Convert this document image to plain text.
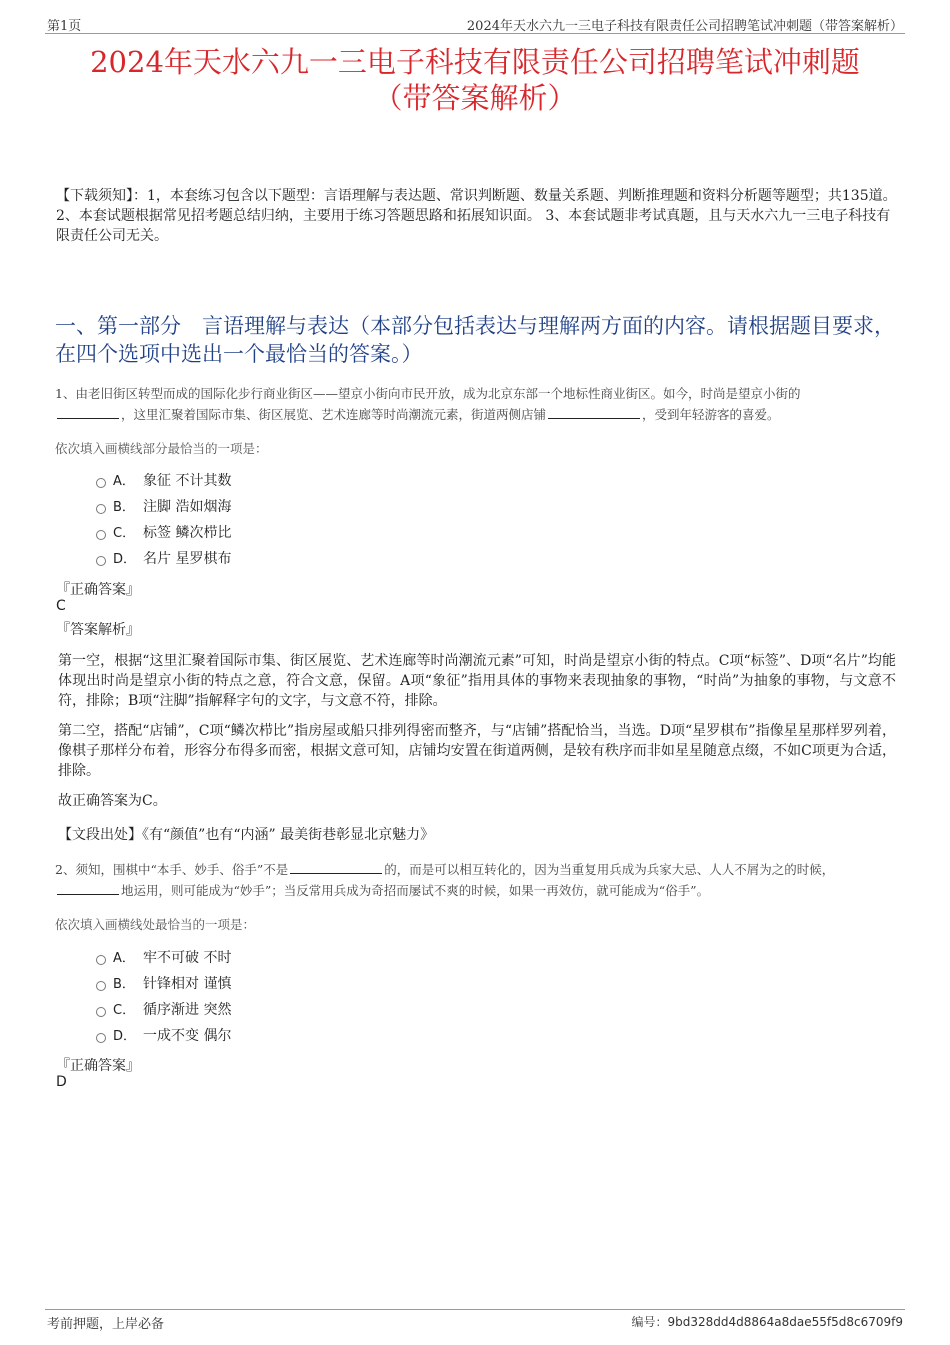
第1页	2024年天水六九一三电子科技有限责任公司招聘笔试冲刺题（带答案解析）
2024年天水六九一三电子科技有限责任公司招聘笔试冲刺题
（带答案解析）
【下载须知】：1，本套练习包含以下题型：言语理解与表达题、常识判断题、数量关系题、判断推理题和资料分析题等题型；共135道。 2、本套试题根据常见招考题总结归纳，主要用于练习答题思路和拓展知识面。 3、本套试题非考试真题，且与天水六九一三电子科技有限责任公司无关。
一、第一部分　言语理解与表达（本部分包括表达与理解两方面的内容。请根据题目要求，在四个选项中选出一个最恰当的答案。）
1、由老旧街区转型而成的国际化步行商业街区——望京小街向市民开放，成为北京东部一个地标性商业街区。如今，时尚是望京小街的
，这里汇聚着国际市集、街区展览、艺术连廊等时尚潮流元素，街道两侧店铺	，受到年轻游客的喜爱。
依次填入画横线部分最恰当的一项是：
A． 象征 不计其数
B． 注脚 浩如烟海
C． 标签 鳞次栉比
D． 名片 星罗棋布
『正确答案』
C
『答案解析』
第一空，根据“这里汇聚着国际市集、街区展览、艺术连廊等时尚潮流元素”可知，时尚是望京小街的特点。C项“标签”、D项“名片”均能体现出时尚是望京小街的特点之意，符合文意，保留。A项“象征”指用具体的事物来表现抽象的事物，“时尚”为抽象的事物，与文意不符，排除；B项“注脚”指解释字句的文字，与文意不符，排除。
第二空，搭配“店铺”，C项“鳞次栉比”指房屋或船只排列得密而整齐，与“店铺”搭配恰当，当选。D项“星罗棋布”指像星星那样罗列着，像棋子那样分布着，形容分布得多而密，根据文意可知，店铺均安置在街道两侧，是较有秩序而非如星星随意点缀，不如C项更为合适，排除。
故正确答案为C。
【文段出处】《有“颜值”也有“内涵” 最美街巷彰显北京魅力》
2、须知，围棋中“本手、妙手、俗手”不是	的，而是可以相互转化的，因为当重复用兵成为兵家大忌、人人不屑为之的时候，
地运用，则可能成为“妙手”；当反常用兵成为奇招而屡试不爽的时候，如果一再效仿，就可能成为“俗手”。
依次填入画横线处最恰当的一项是：
A． 牢不可破 不时
B． 针锋相对 谨慎
C． 循序渐进 突然
D． 一成不变 偶尔
『正确答案』
D
考前押题，上岸必备	编号：9bd328dd4d8864a8dae55f5d8c6709f9
